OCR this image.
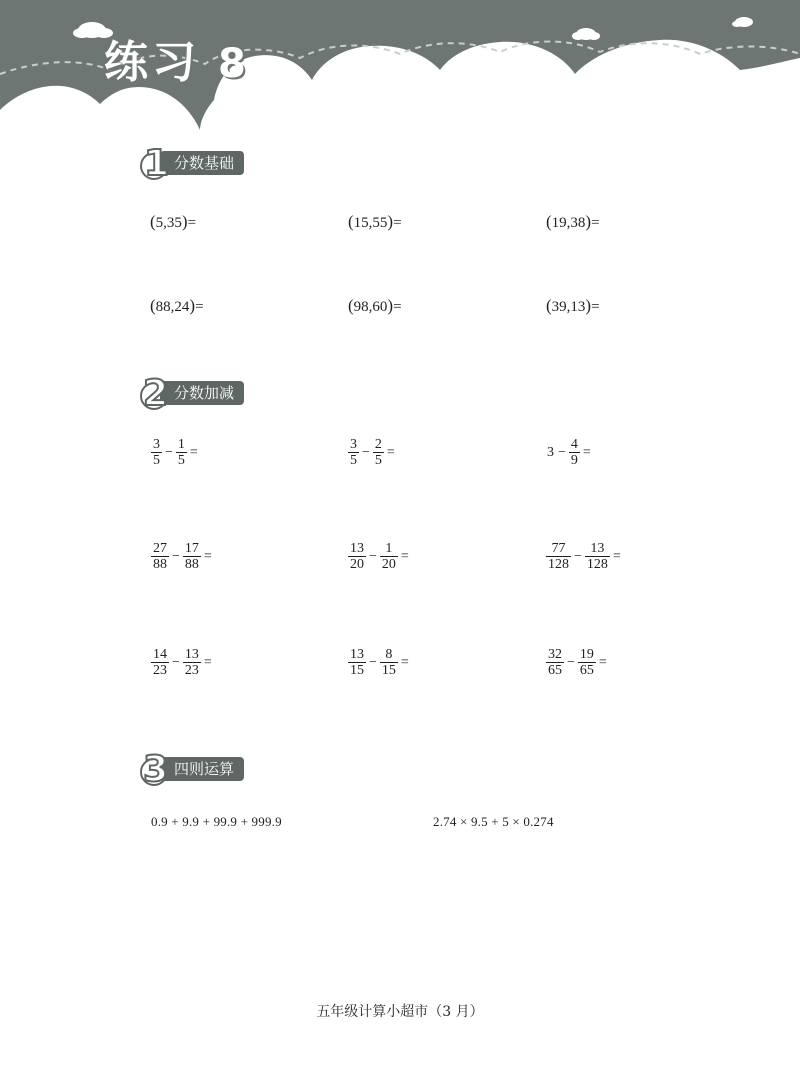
练习 8
分数基础
1
(5,35)=	(15,55)=	(19,38)=
(88,24)=	(98,60)=	(39,13)=
分数加减
2
$\frac{3}{5} - \frac{1}{5}$ =	$\frac{3}{5} - \frac{2}{5}$ =	$3 - \frac{4}{9}$ =
$\frac{27}{88} - \frac{17}{88}$ =	$\frac{13}{20} - \frac{1}{20}$ =	$\frac{77}{128} - \frac{13}{128}$ =
$\frac{14}{23} - \frac{13}{23}$ =	$\frac{13}{15} - \frac{8}{15}$ =	$\frac{32}{65} - \frac{19}{65}$ =
四则运算
3
0.9 + 9.9 + 99.9 + 999.9	2.74 × 9.5 + 5 × 0.274
五年级计算小超市（3 月）
